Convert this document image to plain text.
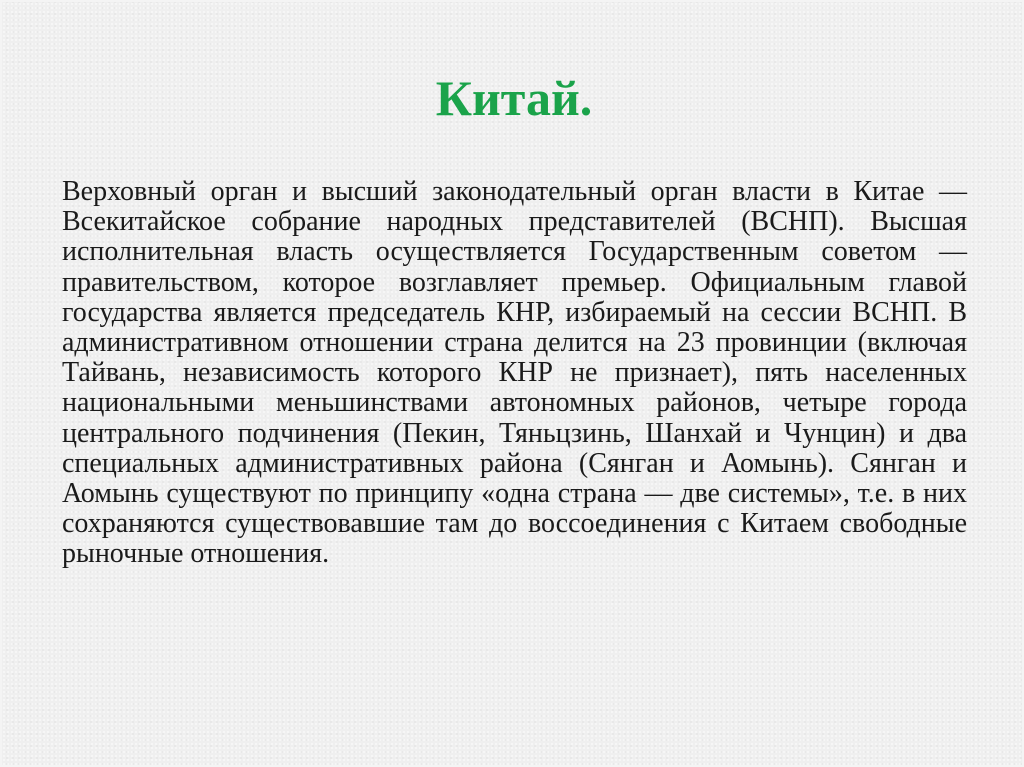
Китай.

Верховный орган и высший законодательный орган власти в Китае — Всекитайское собрание народных представителей (ВСНП). Высшая исполнительная власть осуществляется Государственным советом — правительством, которое возглавляет премьер. Официальным главой государства является председатель КНР, избираемый на сессии ВСНП. В административном отношении страна делится на 23 провинции (включая Тайвань, независимость которого КНР не признает), пять населенных национальными меньшинствами автономных районов, четыре города центрального подчинения (Пекин, Тяньцзинь, Шанхай и Чунцин) и два специальных административных района (Сянган и Аомынь). Сянган и Аомынь существуют по принципу «одна страна — две системы», т.е. в них сохраняются существовавшие там до воссоединения с Китаем свободные рыночные отношения.
